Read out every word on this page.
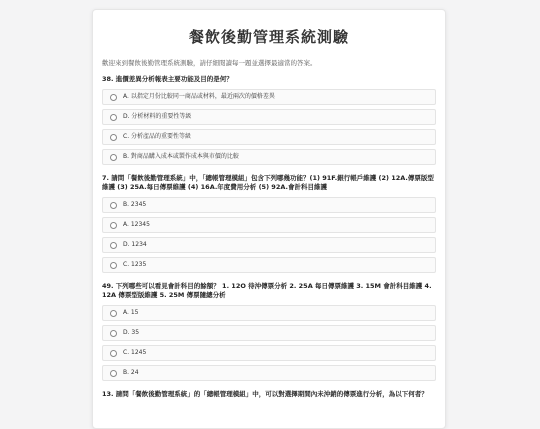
餐飲後勤管理系統測驗

歡迎來到餐飲後勤管理系統測驗，請仔細閱讀每一題並選擇最適當的答案。

38. 進價差異分析報表主要功能及目的是何？
A. 以指定月份比較同一商品或材料，最近兩次的價格差異
D. 分析材料的重要性等級
C. 分析產品的重要性等級
B. 對商品購入成本或製作成本與市價的比較
7. 請問「餐飲後勤管理系統」中，「總帳管理模組」包含下列哪幾功能？(1) 91F.銀行帳戶維護 (2) 12A.傳票版型維護 (3) 25A.每日傳票維護 (4) 16A.年度費用分析 (5) 92A.會計科目維護
B. 2345
A. 12345
D. 1234
C. 1235
49. 下列哪些可以看見會計科目的餘額？ 1. 12O 待沖傳票分析 2. 25A 每日傳票維護 3. 15M 會計科目維護 4. 12A 傳票型版維護 5. 25M 傳票隨總分析
A. 15
D. 35
C. 1245
B. 24
13. 請問「餐飲後勤管理系統」的「總帳管理模組」中，可以對選擇期間內未沖銷的傳票進行分析，為以下何者？
